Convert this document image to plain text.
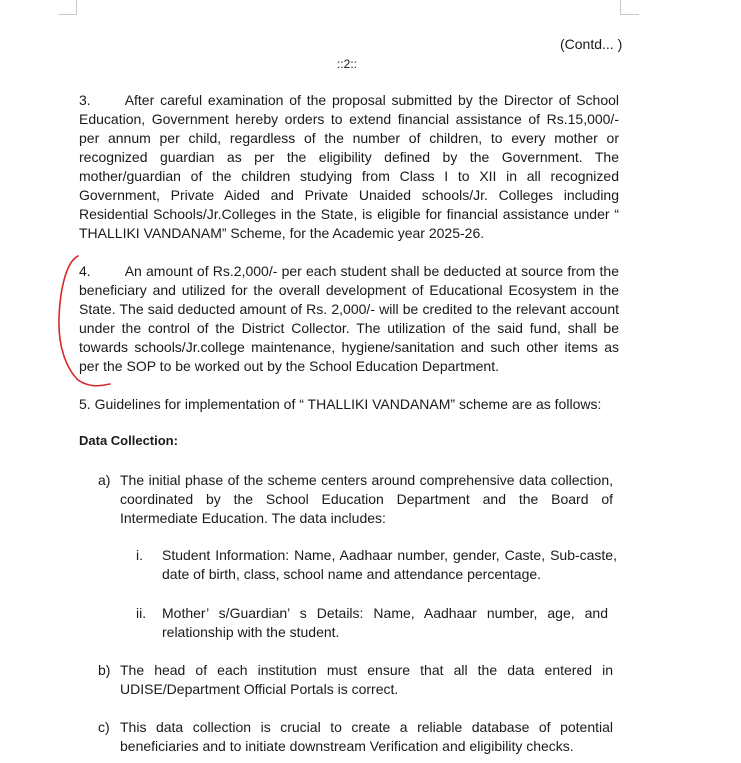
(Contd... )
::2::
3. After careful examination of the proposal submitted by the Director of School Education, Government hereby orders to extend financial assistance of Rs.15,000/- per annum per child, regardless of the number of children, to every mother or recognized guardian as per the eligibility defined by the Government. The mother/guardian of the children studying from Class I to XII in all recognized Government, Private Aided and Private Unaided schools/Jr. Colleges including Residential Schools/Jr.Colleges in the State, is eligible for financial assistance under “ THALLIKI VANDANAM” Scheme, for the Academic year 2025-26.
4. An amount of Rs.2,000/- per each student shall be deducted at source from the beneficiary and utilized for the overall development of Educational Ecosystem in the State. The said deducted amount of Rs. 2,000/- will be credited to the relevant account under the control of the District Collector. The utilization of the said fund, shall be towards schools/Jr.college maintenance, hygiene/sanitation and such other items as per the SOP to be worked out by the School Education Department.
5. Guidelines for implementation of “ THALLIKI VANDANAM” scheme are as follows:
Data Collection:
a) The initial phase of the scheme centers around comprehensive data collection, coordinated by the School Education Department and the Board of Intermediate Education. The data includes:
i. Student Information: Name, Aadhaar number, gender, Caste, Sub-caste, date of birth, class, school name and attendance percentage.
ii. Mother’ s/Guardian’ s Details: Name, Aadhaar number, age, and relationship with the student.
b) The head of each institution must ensure that all the data entered in UDISE/Department Official Portals is correct.
c) This data collection is crucial to create a reliable database of potential beneficiaries and to initiate downstream Verification and eligibility checks.
